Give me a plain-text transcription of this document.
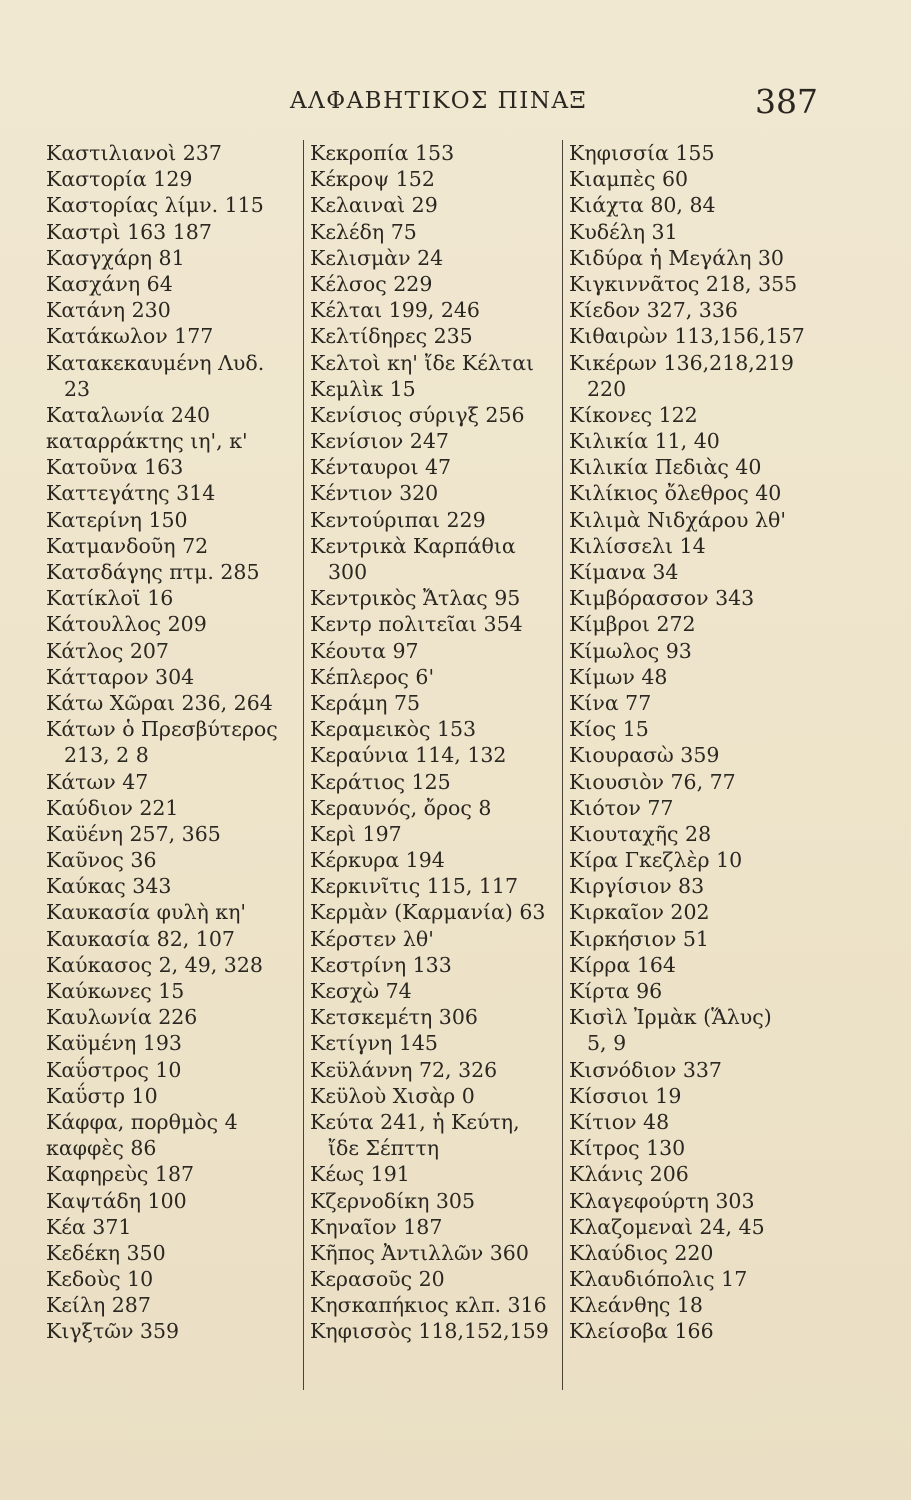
ΑΛΦΑΒΗΤΙΚΟΣ ΠΙΝΑΞ	387
Καστιλιανοὶ 237
Καστορία 129
Καστορίας λίμν. 115
Καστρὶ 163 187
Κασγχάρη 81
Κασχάνη 64
Κατάνη 230
Κατάκωλον 177
Κατακεκαυμένη Λυδ.
23
Καταλωνία 240
καταρράκτης ιη', κ'
Κατοῦνα 163
Καττεγάτης 314
Κατερίνη 150
Κατμανδοῦη 72
Κατσδάγης πτμ. 285
Κατίκλοϊ 16
Κάτουλλος 209
Κάτλος 207
Κάτταρον 304
Κάτω Χῶραι 236, 264
Κάτων ὁ Πρεσβύτερος
213, 2 8
Κάτων 47
Καύδιον 221
Καϋένη 257, 365
Καῦνος 36
Καύκας 343
Καυκασία φυλὴ κη'
Καυκασία 82, 107
Καύκασος 2, 49, 328
Καύκωνες 15
Καυλωνία 226
Καϋμένη 193
Καΰστρος 10
Καΰστρ 10
Κάφφα, πορθμὸς 4
καφφὲς 86
Καφηρεὺς 187
Καψτάδη 100
Κέα 371
Κεδέκη 350
Κεδοὺς 10
Κείλη 287
Κιγξτῶν 359
Κεκροπία 153
Κέκροψ 152
Κελαιναὶ 29
Κελέδη 75
Κελισμὰν 24
Κέλσος 229
Κέλται 199, 246
Κελτίδηρες 235
Κελτοὶ κη' ἴδε Κέλται
Κεμλὶκ 15
Κενίσιος σύριγξ 256
Κενίσιον 247
Κένταυροι 47
Κέντιον 320
Κεντούριπαι 229
Κεντρικὰ Καρπάθια
300
Κεντρικὸς Ἄτλας 95
Κεντρ πολιτεῖαι 354
Κέουτα 97
Κέπλερος 6'
Κεράμη 75
Κεραμεικὸς 153
Κεραύνια 114, 132
Κεράτιος 125
Κεραυνός, ὄρος 8
Κερὶ 197
Κέρκυρα 194
Κερκινῖτις 115, 117
Κερμὰν (Καρμανία) 63
Κέρστεν λθ'
Κεστρίνη 133
Κεσχὼ 74
Κετσκεμέτη 306
Κετίγνη 145
Κεϋλάννη 72, 326
Κεϋλοὺ Χισὰρ 0
Κεύτα 241, ἡ Κεύτη,
ἴδε Σέπττη
Κέως 191
Κζερνοδίκη 305
Κηναῖον 187
Κῆπος Ἀντιλλῶν 360
Κερασοῦς 20
Κησκαπήκιος κλπ. 316
Κηφισσὸς 118,152,159
Κηφισσία 155
Κιαμπὲς 60
Κιάχτα 80, 84
Κυδέλη 31
Κιδύρα ἡ Μεγάλη 30
Κιγκιννᾶτος 218, 355
Κίεδον 327, 336
Κιθαιρὼν 113,156,157
Κικέρων 136,218,219
220
Κίκονες 122
Κιλικία 11, 40
Κιλικία Πεδιὰς 40
Κιλίκιος ὄλεθρος 40
Κιλιμὰ Νιδχάρου λθ'
Κιλίσσελι 14
Κίμανα 34
Κιμβόρασσον 343
Κίμβροι 272
Κίμωλος 93
Κίμων 48
Κίνα 77
Κίος 15
Κιουρασὼ 359
Κιουσιὸν 76, 77
Κιότον 77
Κιουταχῆς 28
Κίρα Γκεζλὲρ 10
Κιργίσιον 83
Κιρκαῖον 202
Κιρκήσιον 51
Κίρρα 164
Κίρτα 96
Κισὶλ Ἰρμὰκ (Ἅλυς)
5, 9
Κισνόδιον 337
Κίσσιοι 19
Κίτιον 48
Κίτρος 130
Κλάνις 206
Κλαγεφούρτη 303
Κλαζομεναὶ 24, 45
Κλαύδιος 220
Κλαυδιόπολις 17
Κλεάνθης 18
Κλείσοβα 166
